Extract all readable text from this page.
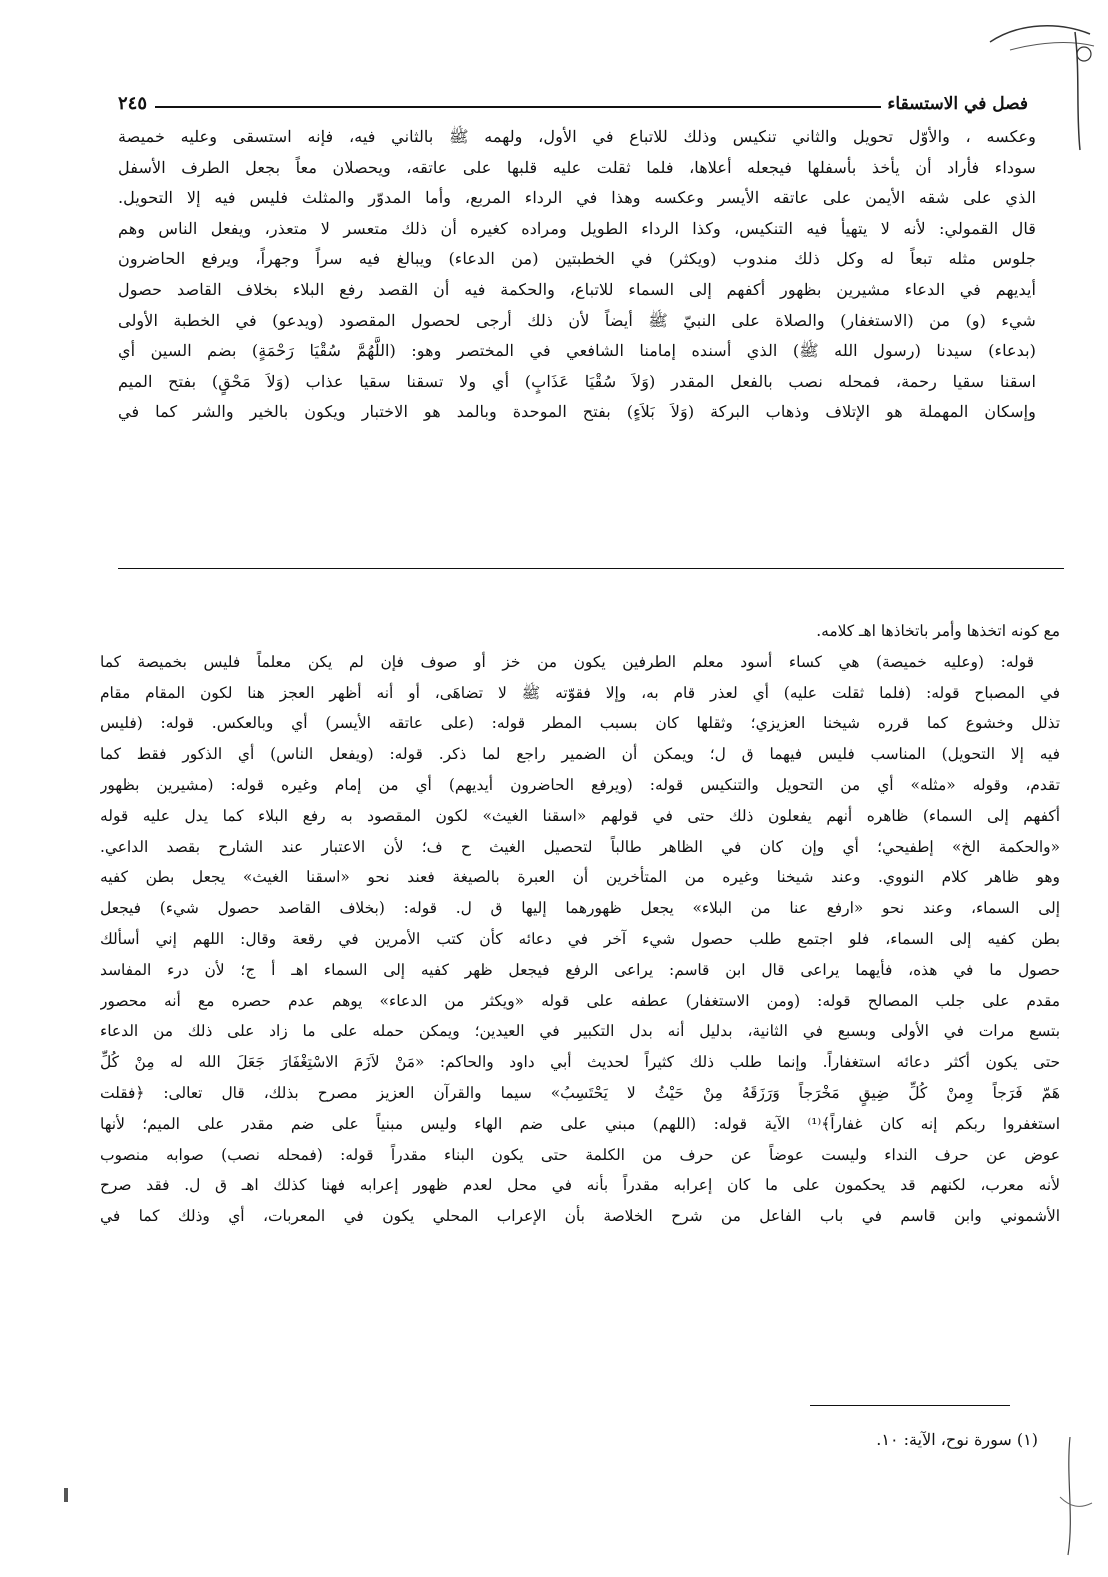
فصل في الاستسقاء
٢٤٥
وعكسه ، والأوّل تحويل والثاني تنكيس وذلك للاتباع في الأول، ولهمه ﷺ بالثاني فيه، فإنه استسقى وعليه خميصة
سوداء فأراد أن يأخذ بأسفلها فيجعله أعلاها، فلما ثقلت عليه قلبها على عاتقه، ويحصلان معاً بجعل الطرف الأسفل
الذي على شقه الأيمن على عاتقه الأيسر وعكسه وهذا في الرداء المربع، وأما المدوّر والمثلث فليس فيه إلا التحويل.
قال القمولي: لأنه لا يتهيأ فيه التنكيس، وكذا الرداء الطويل ومراده كغيره أن ذلك متعسر لا متعذر، ويفعل الناس وهم
جلوس مثله تبعاً له وكل ذلك مندوب (ويكثر) في الخطبتين (من الدعاء) ويبالغ فيه سراً وجهراً، ويرفع الحاضرون
أيديهم في الدعاء مشيرين بظهور أكفهم إلى السماء للاتباع، والحكمة فيه أن القصد رفع البلاء بخلاف القاصد حصول
شيء (و) من (الاستغفار) والصلاة على النبيّ ﷺ أيضاً لأن ذلك أرجى لحصول المقصود (ويدعو) في الخطبة الأولى
(بدعاء) سيدنا (رسول الله ﷺ) الذي أسنده إمامنا الشافعي في المختصر وهو: (اللَّهُمَّ سُقْيَا رَحْمَةٍ) بضم السين أي
اسقنا سقيا رحمة، فمحله نصب بالفعل المقدر (وَلاَ سُقْيَا عَذَابٍ) أي ولا تسقنا سقيا عذاب (وَلاَ مَحْقٍ) بفتح الميم
وإسكان المهملة هو الإتلاف وذهاب البركة (وَلاَ بَلاَءٍ) بفتح الموحدة وبالمد هو الاختبار ويكون بالخير والشر كما في
مع كونه اتخذها وأمر باتخاذها اهـ كلامه.
قوله: (وعليه خميصة) هي كساء أسود معلم الطرفين يكون من خز أو صوف فإن لم يكن معلماً فليس بخميصة كما
في المصباح قوله: (فلما ثقلت عليه) أي لعذر قام به، وإلا فقوّته ﷺ لا تضاهَى، أو أنه أظهر العجز هنا لكون المقام مقام
تذلل وخشوع كما قرره شيخنا العزيزي؛ وثقلها كان بسبب المطر قوله: (على عاتقه الأيسر) أي وبالعكس. قوله: (فليس
فيه إلا التحويل) المناسب فليس فيهما ق ل؛ ويمكن أن الضمير راجع لما ذكر. قوله: (ويفعل الناس) أي الذكور فقط كما
تقدم، وقوله «مثله» أي من التحويل والتنكيس قوله: (ويرفع الحاضرون أيديهم) أي من إمام وغيره قوله: (مشيرين بظهور
أكفهم إلى السماء) ظاهره أنهم يفعلون ذلك حتى في قولهم «اسقنا الغيث» لكون المقصود به رفع البلاء كما يدل عليه قوله
«والحكمة الخ» إطفيحي؛ أي وإن كان في الظاهر طالباً لتحصيل الغيث ح ف؛ لأن الاعتبار عند الشارح بقصد الداعي.
وهو ظاهر كلام النووي. وعند شيخنا وغيره من المتأخرين أن العبرة بالصيغة فعند نحو «اسقنا الغيث» يجعل بطن كفيه
إلى السماء، وعند نحو «ارفع عنا من البلاء» يجعل ظهورهما إليها ق ل. قوله: (بخلاف القاصد حصول شيء) فيجعل
بطن كفيه إلى السماء، فلو اجتمع طلب حصول شيء آخر في دعائه كأن كتب الأمرين في رقعة وقال: اللهم إني أسألك
حصول ما في هذه، فأيهما يراعى قال ابن قاسم: يراعى الرفع فيجعل ظهر كفيه إلى السماء اهـ أ ج؛ لأن درء المفاسد
مقدم على جلب المصالح قوله: (ومن الاستغفار) عطفه على قوله «ويكثر من الدعاء» يوهم عدم حصره مع أنه محصور
بتسع مرات في الأولى وبسبع في الثانية، بدليل أنه بدل التكبير في العيدين؛ ويمكن حمله على ما زاد على ذلك من الدعاء
حتى يكون أكثر دعائه استغفاراً. وإنما طلب ذلك كثيراً لحديث أبي داود والحاكم: «مَنْ لاَزَمَ الاسْتِغْفَارَ جَعَلَ الله له مِنْ كُلِّ
هَمّ فَرَجاً وِمنْ كُلِّ ضِيقٍ مَخْرَجاً وَرَزَقَهُ مِنْ حَيْثُ لا يَحْتَسِبُ» سيما والقرآن العزيز مصرح بذلك، قال تعالى: ﴿فقلت
استغفروا ربكم إنه كان غفاراً﴾⁽¹⁾ الآية قوله: (اللهم) مبني على ضم الهاء وليس مبنياً على ضم مقدر على الميم؛ لأنها
عوض عن حرف النداء وليست عوضاً عن حرف من الكلمة حتى يكون البناء مقدراً قوله: (فمحله نصب) صوابه منصوب
لأنه معرب، لكنهم قد يحكمون على ما كان إعرابه مقدراً بأنه في محل لعدم ظهور إعرابه فهنا كذلك اهـ ق ل. فقد صرح
الأشموني وابن قاسم في باب الفاعل من شرح الخلاصة بأن الإعراب المحلي يكون في المعربات، أي وذلك كما في
(١) سورة نوح، الآية: ١٠.
